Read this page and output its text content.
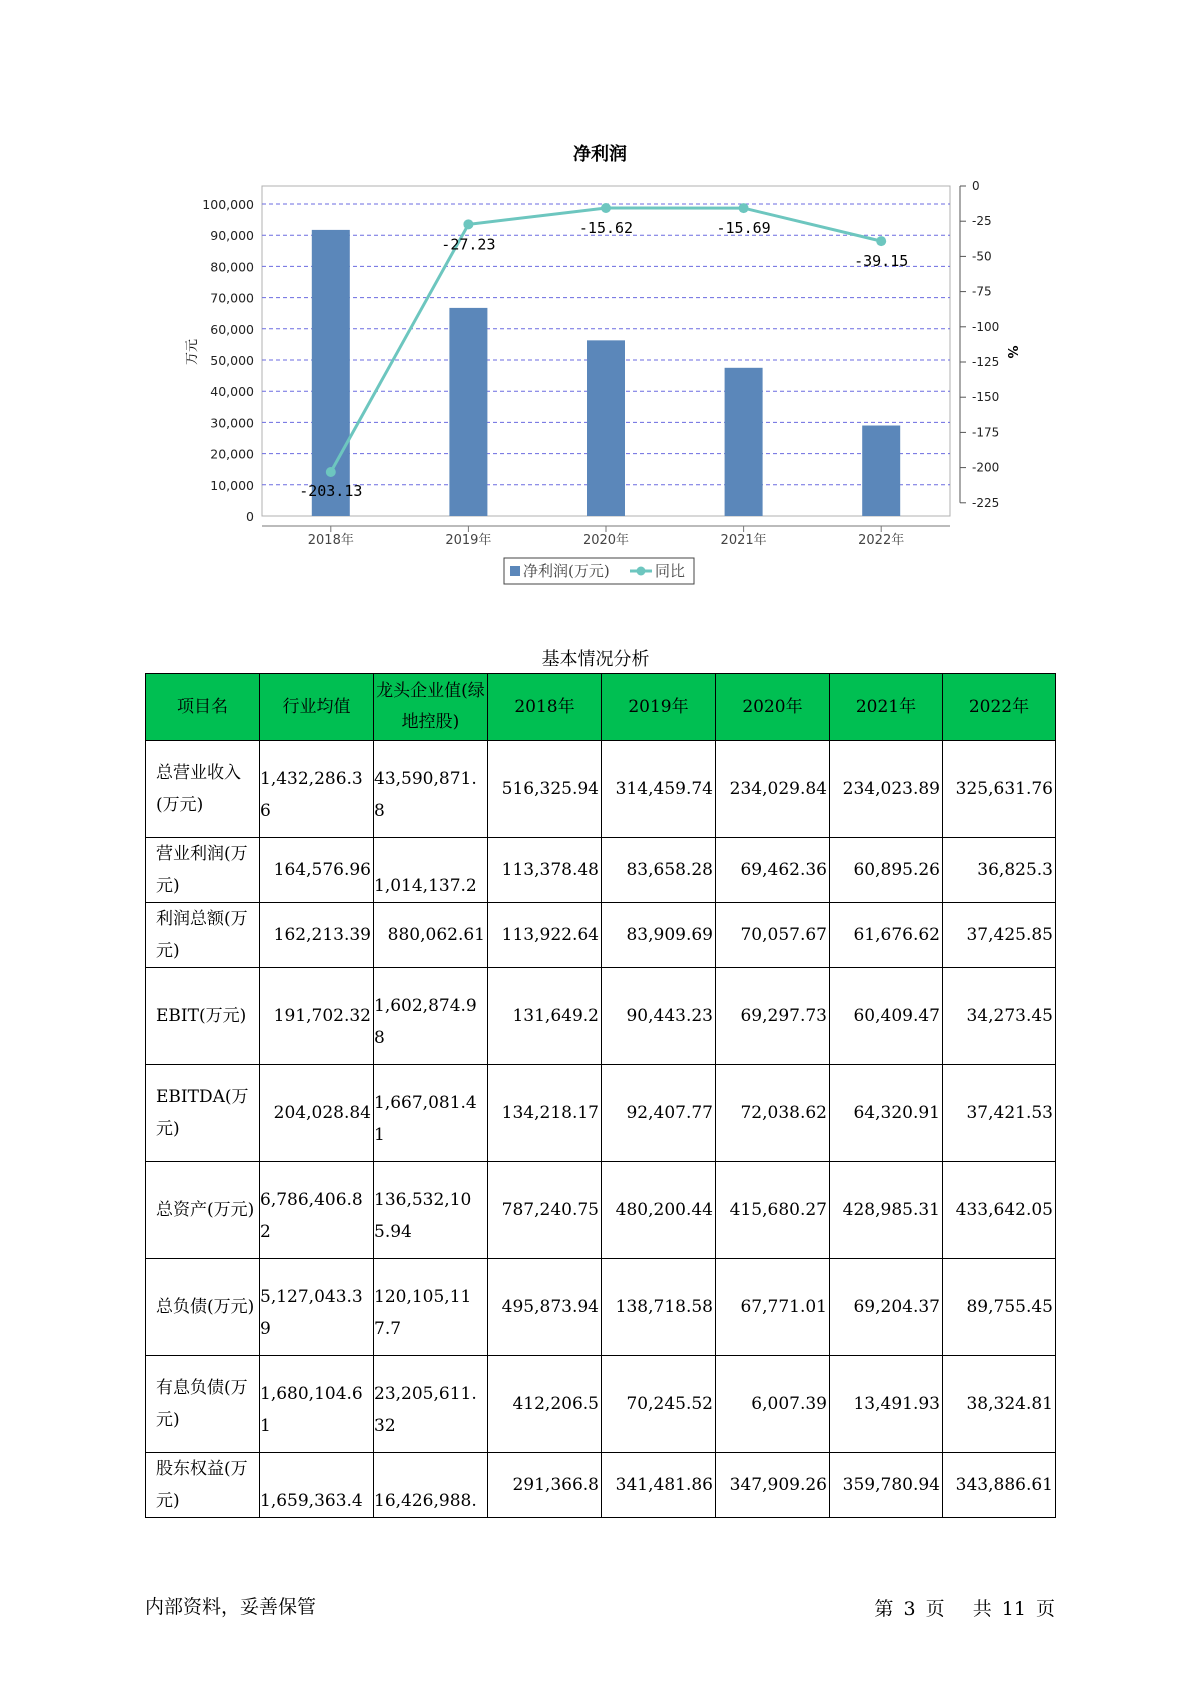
净利润
-203.13
-27.23
-15.62	-15.69
-39.15
0
10,000
20,000
30,000
40,000
50,000
60,000
70,000
80,000
90,000
100,000
0
-25
-50
-75
-100
-125
-150
-175
-200
-225
2018年	2019年	2020年	2021年	2022年
万元	%
净利润(万元)	同比
基本情况分析
项目名	行业均值	龙头企业值(绿地控股)	2018年	2019年	2020年	2021年	2022年
总营业收入(万元)	1,432,286.36	43,590,871.8	516,325.94	314,459.74	234,029.84	234,023.89	325,631.76
营业利润(万元)	164,576.96	1,014,137.2	113,378.48	83,658.28	69,462.36	60,895.26	36,825.3
利润总额(万元)	162,213.39	880,062.61	113,922.64	83,909.69	70,057.67	61,676.62	37,425.85
EBIT(万元)	191,702.32	1,602,874.98	131,649.2	90,443.23	69,297.73	60,409.47	34,273.45
EBITDA(万元)	204,028.84	1,667,081.41	134,218.17	92,407.77	72,038.62	64,320.91	37,421.53
总资产(万元)	6,786,406.82	136,532,105.94	787,240.75	480,200.44	415,680.27	428,985.31	433,642.05
总负债(万元)	5,127,043.39	120,105,117.7	495,873.94	138,718.58	67,771.01	69,204.37	89,755.45
有息负债(万元)	1,680,104.61	23,205,611.32	412,206.5	70,245.52	6,007.39	13,491.93	38,324.81
股东权益(万元)	1,659,363.4	16,426,988.	291,366.8	341,481.86	347,909.26	359,780.94	343,886.61
内部资料，妥善保管	第 3 页 共 11 页
